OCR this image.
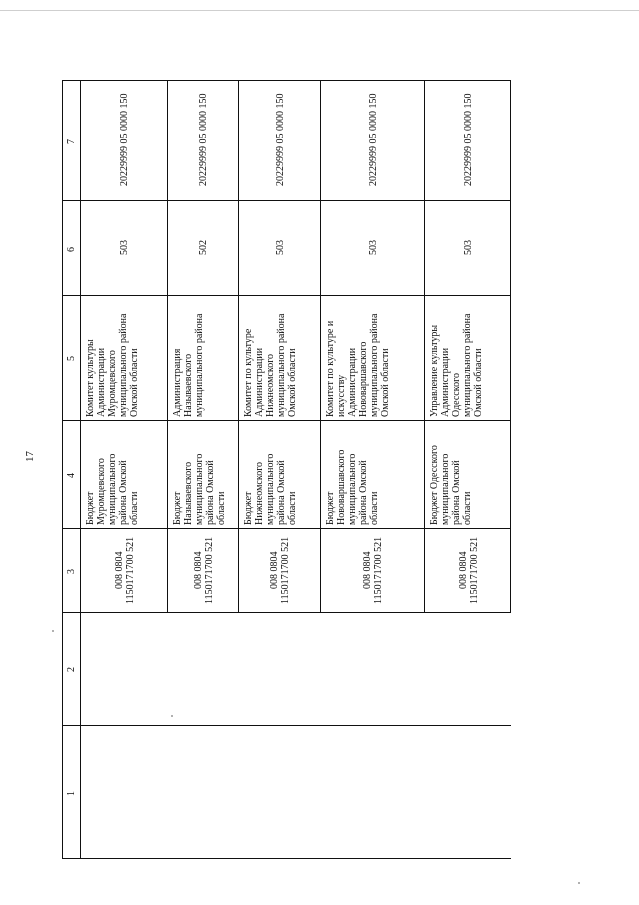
17
1
2
3
4
5
6
7	20229999 05 0000 150
503
Комитет культуры Администрации Муромцевского муниципального района Омской области
Бюджет Муромцевского муниципального района Омской области
008 0804 1150171700 521
20229999 05 0000 150
502
Администрация Называевского муниципального района
Бюджет Называевского муниципального района Омской области
008 0804 1150171700 521
20229999 05 0000 150
503
Комитет по культуре Администрации Нижнеомского муниципального района Омской области
Бюджет Нижнеомского муниципального района Омской области
008 0804 1150171700 521
20229999 05 0000 150
503
Комитет по культуре и искусству Администрации Нововаршавского муниципального района Омской области
Бюджет Нововаршавского муниципального района Омской области
008 0804 1150171700 521
20229999 05 0000 150
503
Управление культуры Администрации Одесского муниципального района Омской области
Бюджет Одесского муниципального района Омской области
008 0804 1150171700 521
